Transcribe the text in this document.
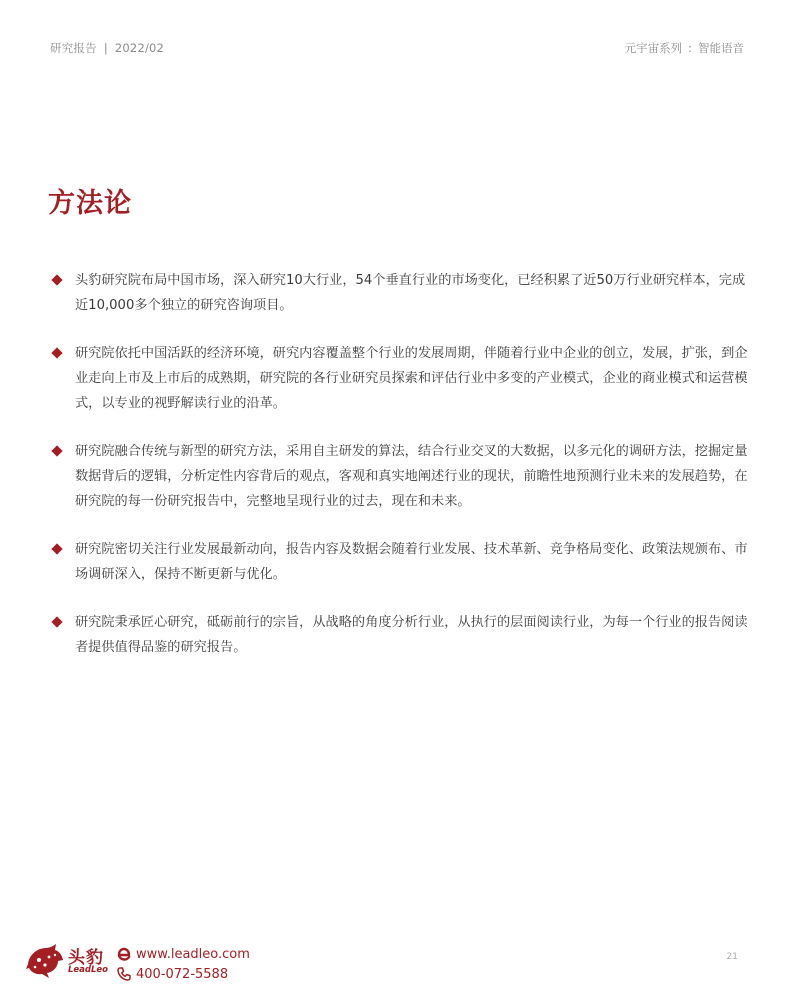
研究报告 | 2022/02	元宇宙系列 : 智能语音
方法论
头豹研究院布局中国市场，深入研究10大行业，54个垂直行业的市场变化，已经积累了近50万行业研究样本，完成近10,000多个独立的研究咨询项目。
研究院依托中国活跃的经济环境，研究内容覆盖整个行业的发展周期，伴随着行业中企业的创立，发展，扩张，到企业走向上市及上市后的成熟期，研究院的各行业研究员探索和评估行业中多变的产业模式，企业的商业模式和运营模式，以专业的视野解读行业的沿革。
研究院融合传统与新型的研究方法，采用自主研发的算法，结合行业交叉的大数据，以多元化的调研方法，挖掘定量数据背后的逻辑，分析定性内容背后的观点，客观和真实地阐述行业的现状，前瞻性地预测行业未来的发展趋势，在研究院的每一份研究报告中，完整地呈现行业的过去，现在和未来。
研究院密切关注行业发展最新动向，报告内容及数据会随着行业发展、技术革新、竞争格局变化、政策法规颁布、市场调研深入，保持不断更新与优化。
研究院秉承匠心研究，砥砺前行的宗旨，从战略的角度分析行业，从执行的层面阅读行业，为每一个行业的报告阅读者提供值得品鉴的研究报告。
头豹
LeadLeo
www.leadleo.com
400-072-5588
21
